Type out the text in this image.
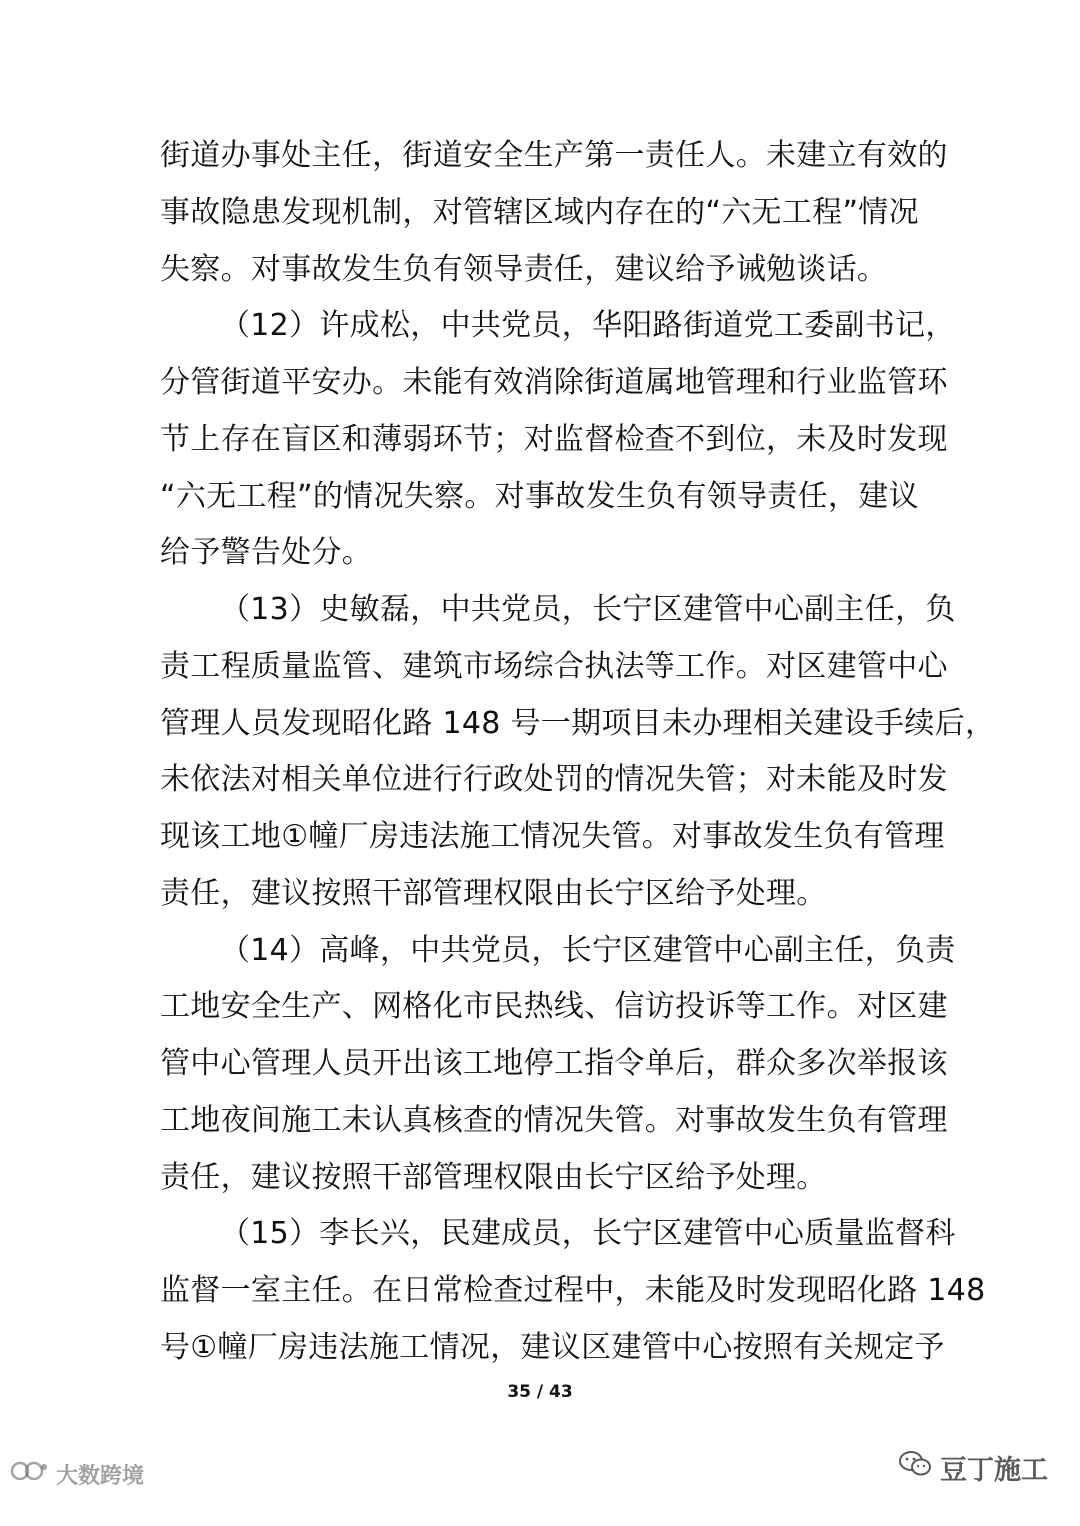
街道办事处主任，街道安全生产第一责任人。未建立有效的
事故隐患发现机制，对管辖区域内存在的“六无工程”情况
失察。对事故发生负有领导责任，建议给予诫勉谈话。
（12）许成松，中共党员，华阳路街道党工委副书记，
分管街道平安办。未能有效消除街道属地管理和行业监管环
节上存在盲区和薄弱环节；对监督检查不到位，未及时发现
“六无工程”的情况失察。对事故发生负有领导责任，建议
给予警告处分。
（13）史敏磊，中共党员，长宁区建管中心副主任，负
责工程质量监管、建筑市场综合执法等工作。对区建管中心
管理人员发现昭化路 148 号一期项目未办理相关建设手续后，
未依法对相关单位进行行政处罚的情况失管；对未能及时发
现该工地①幢厂房违法施工情况失管。对事故发生负有管理
责任，建议按照干部管理权限由长宁区给予处理。
（14）高峰，中共党员，长宁区建管中心副主任，负责
工地安全生产、网格化市民热线、信访投诉等工作。对区建
管中心管理人员开出该工地停工指令单后，群众多次举报该
工地夜间施工未认真核查的情况失管。对事故发生负有管理
责任，建议按照干部管理权限由长宁区给予处理。
（15）李长兴，民建成员，长宁区建管中心质量监督科
监督一室主任。在日常检查过程中，未能及时发现昭化路 148
号①幢厂房违法施工情况，建议区建管中心按照有关规定予
35 / 43
大数跨境	豆丁施工
